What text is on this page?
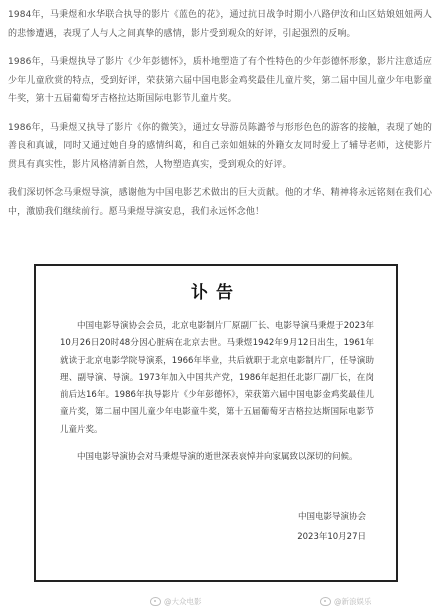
1984年，马秉煜和水华联合执导的影片《蓝色的花》，通过抗日战争时期小八路伊汝和山区姑娘妞妞两人的悲惨遭遇，表现了人与人之间真挚的感情，影片受到观众的好评，引起强烈的反响。

1986年，马秉煜执导了影片《少年彭德怀》，质朴地塑造了有个性特色的少年彭德怀形象，影片注意适应少年儿童欣赏的特点，受到好评，荣获第六届中国电影金鸡奖最佳儿童片奖，第二届中国儿童少年电影童牛奖，第十五届葡萄牙吉格拉达斯国际电影节儿童片奖。

1986年，马秉煜又执导了影片《你的微笑》，通过女导游员陈潞爷与形形色色的游客的接触，表现了她的善良和真诚，同时又通过她自身的感情纠葛，和自己亲如姐妹的外籍女友同时爱上了辅导老师，这使影片贯具有真实性，影片风格清新自然，人物塑造真实，受到观众的好评。

我们深切怀念马秉煜导演，感谢他为中国电影艺术做出的巨大贡献。他的才华、精神将永远铭刻在我们心中，激励我们继续前行。愿马秉煜导演安息，我们永远怀念他！

讣告

中国电影导演协会会员，北京电影制片厂原副厂长、电影导演马秉煜于2023年10月26日20时48分因心脏病在北京去世。马秉煜1942年9月12日出生，1961年就读于北京电影学院导演系，1966年毕业，共后就职于北京电影制片厂，任导演助理、副导演、导演。1973年加入中国共产党，1986年起担任北影厂副厂长，在岗前后达16年。1986年执导影片《少年彭德怀》，荣获第六届中国电影金鸡奖最佳儿童片奖，第二届中国儿童少年电影童牛奖，第十五届葡萄牙吉格拉达斯国际电影节儿童片奖。

中国电影导演协会对马秉煜导演的逝世深表哀悼并向家属致以深切的问候。

中国电影导演协会
2023年10月27日
@大众电影	@新浪娱乐
